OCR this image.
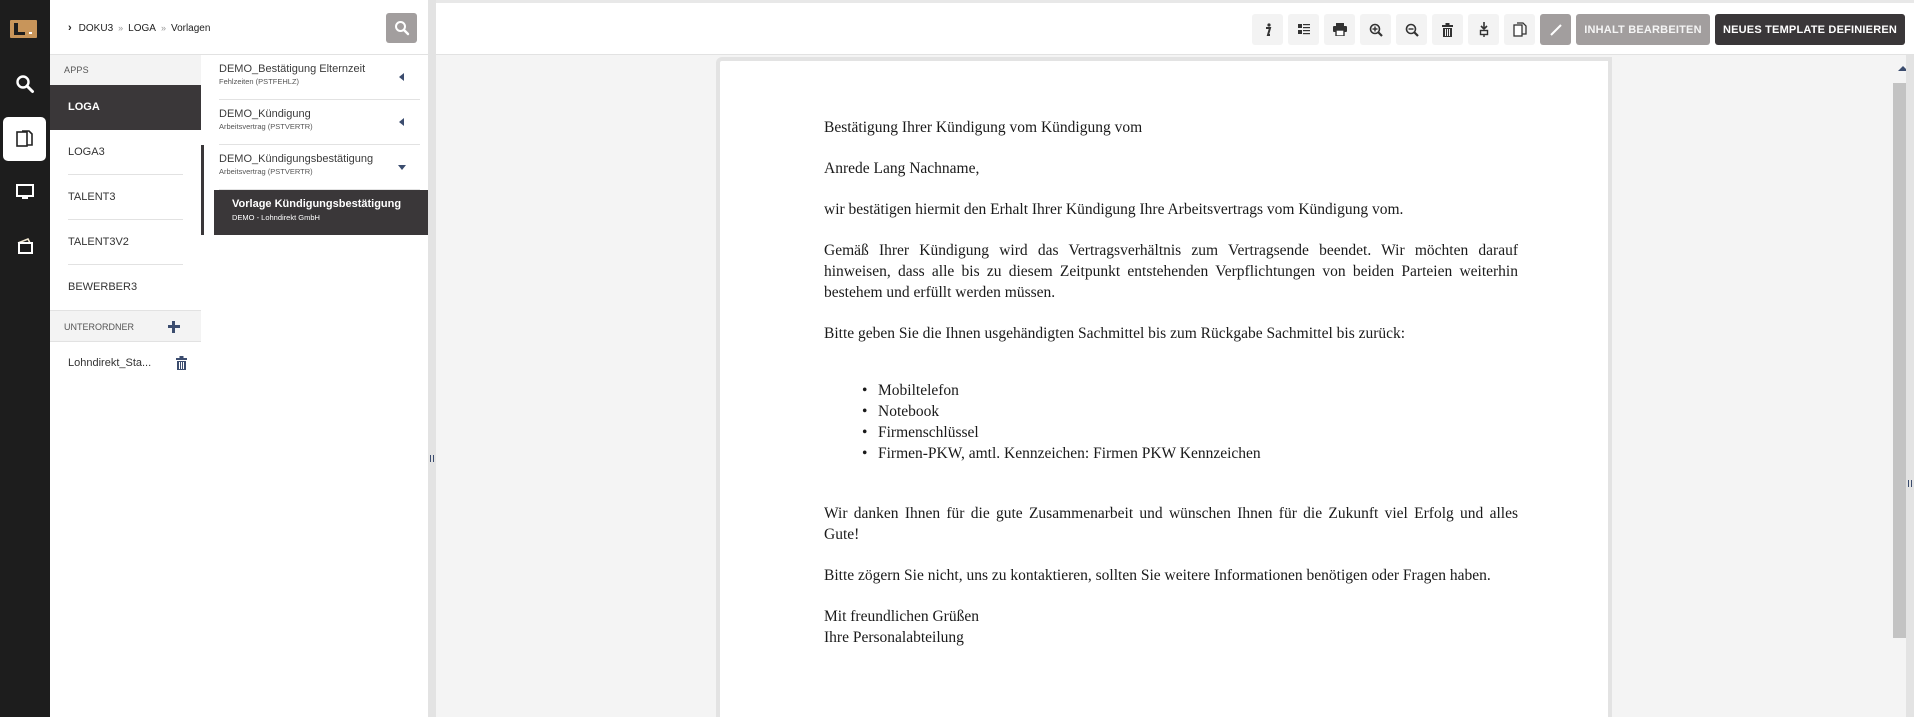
› DOKU3 » LOGA » Vorlagen
APPS
LOGA
LOGA3
TALENT3
TALENT3V2
BEWERBER3
UNTERORDNER
Lohndirekt_Sta...
DEMO_Bestätigung Elternzeit
Fehlzeiten (PSTFEHLZ)
DEMO_Kündigung
Arbeitsvertrag (PSTVERTR)
DEMO_Kündigungsbestätigung
Arbeitsvertrag (PSTVERTR)
Vorlage Kündigungsbestätigung
DEMO - Lohndirekt GmbH
INHALT BEARBEITEN	NEUES TEMPLATE DEFINIEREN

Bestätigung Ihrer Kündigung vom Kündigung vom

Anrede Lang Nachname,

wir bestätigen hiermit den Erhalt Ihrer Kündigung Ihre Arbeitsvertrags vom Kündigung vom.

Gemäß Ihrer Kündigung wird das Vertragsverhältnis zum Vertragsende beendet. Wir möchten darauf hinweisen, dass alle bis zu diesem Zeitpunkt entstehenden Verpflichtungen von beiden Parteien weiterhin bestehem und erfüllt werden müssen.

Bitte geben Sie die Ihnen usgehändigten Sachmittel bis zum Rückgabe Sachmittel bis zurück:

• Mobiltelefon
• Notebook
• Firmenschlüssel
• Firmen-PKW, amtl. Kennzeichen: Firmen PKW Kennzeichen

Wir danken Ihnen für die gute Zusammenarbeit und wünschen Ihnen für die Zukunft viel Erfolg und alles Gute!

Bitte zögern Sie nicht, uns zu kontaktieren, sollten Sie weitere Informationen benötigen oder Fragen haben.

Mit freundlichen Grüßen

Ihre Personalabteilung
